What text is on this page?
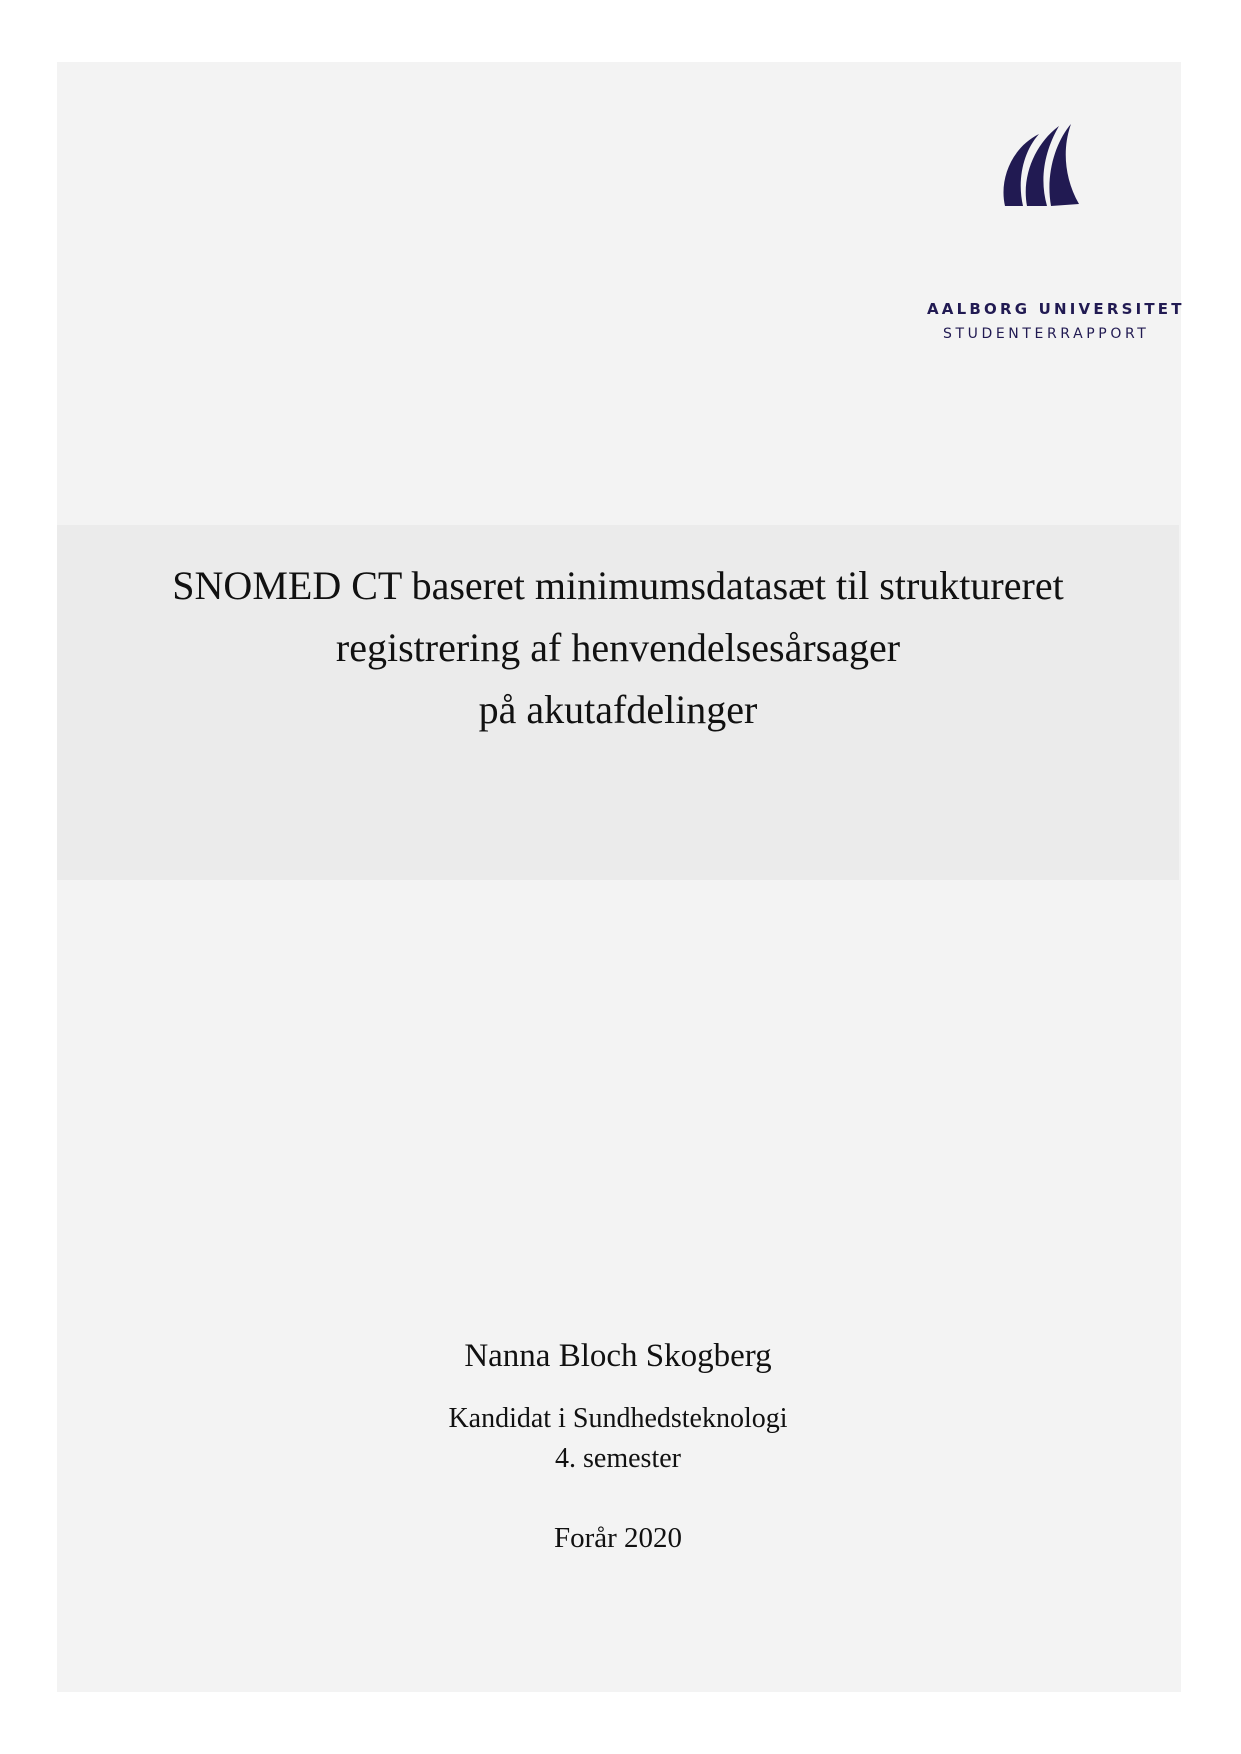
AALBORG UNIVERSITET
STUDENTERRAPPORT
SNOMED CT baseret minimumsdatasæt til struktureret
registrering af henvendelsesårsager
på akutafdelinger
Nanna Bloch Skogberg
Kandidat i Sundhedsteknologi
4. semester
Forår 2020
